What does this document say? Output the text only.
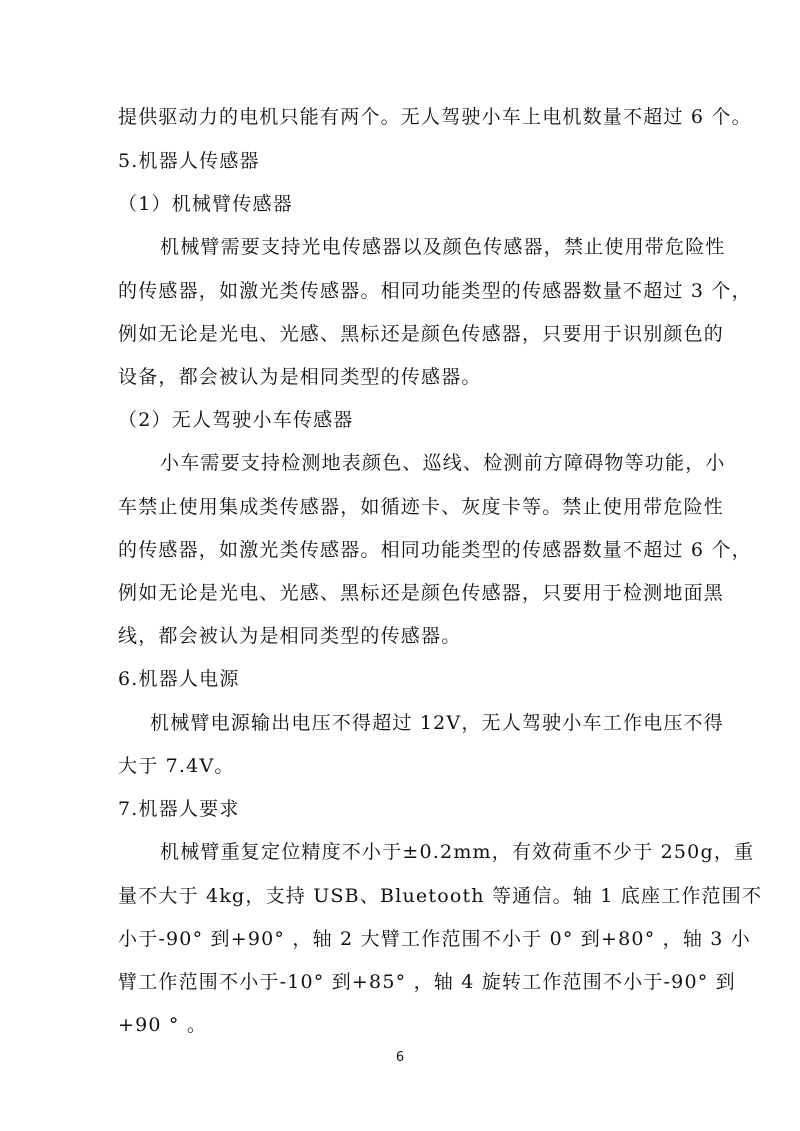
提供驱动力的电机只能有两个。无人驾驶小车上电机数量不超过 6 个。
5.机器人传感器
（1）机械臂传感器
机械臂需要支持光电传感器以及颜色传感器，禁止使用带危险性
的传感器，如激光类传感器。相同功能类型的传感器数量不超过 3 个，
例如无论是光电、光感、黑标还是颜色传感器，只要用于识别颜色的
设备，都会被认为是相同类型的传感器。
（2）无人驾驶小车传感器
小车需要支持检测地表颜色、巡线、检测前方障碍物等功能，小
车禁止使用集成类传感器，如循迹卡、灰度卡等。禁止使用带危险性
的传感器，如激光类传感器。相同功能类型的传感器数量不超过 6 个，
例如无论是光电、光感、黑标还是颜色传感器，只要用于检测地面黑
线，都会被认为是相同类型的传感器。
6.机器人电源
机械臂电源输出电压不得超过 12V，无人驾驶小车工作电压不得
大于 7.4V。
7.机器人要求
机械臂重复定位精度不小于±0.2mm，有效荷重不少于 250g，重
量不大于 4kg，支持 USB、Bluetooth 等通信。轴 1 底座工作范围不
小于-90° 到+90° ，轴 2 大臂工作范围不小于 0° 到+80° ，轴 3 小
臂工作范围不小于-10° 到+85° ，轴 4 旋转工作范围不小于-90° 到
+90 ° 。
6
